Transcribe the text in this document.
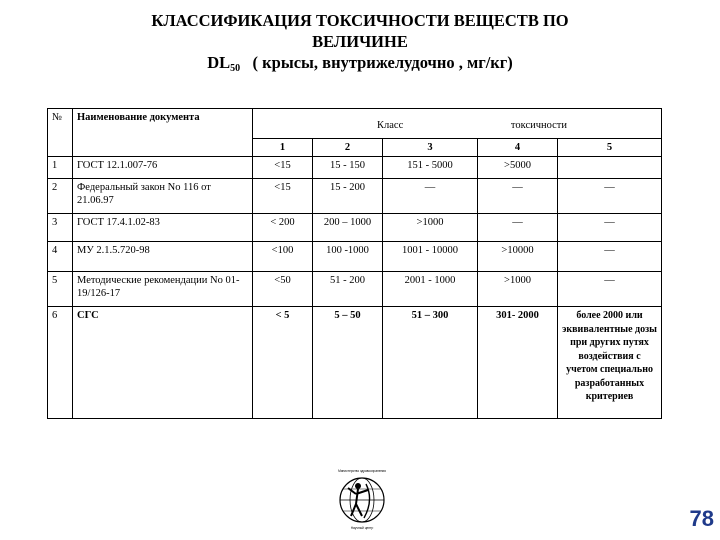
КЛАССИФИКАЦИЯ ТОКСИЧНОСТИ ВЕЩЕСТВ ПО
ВЕЛИЧИНЕ
$DL_{50}$ ( крысы, внутрижелудочно , мг/кг)
№	Наименование документа	Класс токсичности				

		1	2	3	4	5
1	ГОСТ 12.1.007-76	<15	15 - 150	151 - 5000	>5000	
2	Федеральный закон No 116 от 21.06.97	<15	15 - 200	—	—	—
3	ГОСТ 17.4.1.02-83	< 200	200 – 1000	>1000	—	—
4	МУ 2.1.5.720-98	<100	100 -1000	1001 - 10000	>10000	—
5	Методические рекомендации No 01-19/126-17	<50	51 - 200	2001 - 1000	>1000	—
6	СГС	< 5	5 – 50	51 – 300	301- 2000	более 2000 или эквивалентные дозы при других путях воздействия с учетом специально разработанных критериев
Министерство здравоохранения
Научный центр	78
